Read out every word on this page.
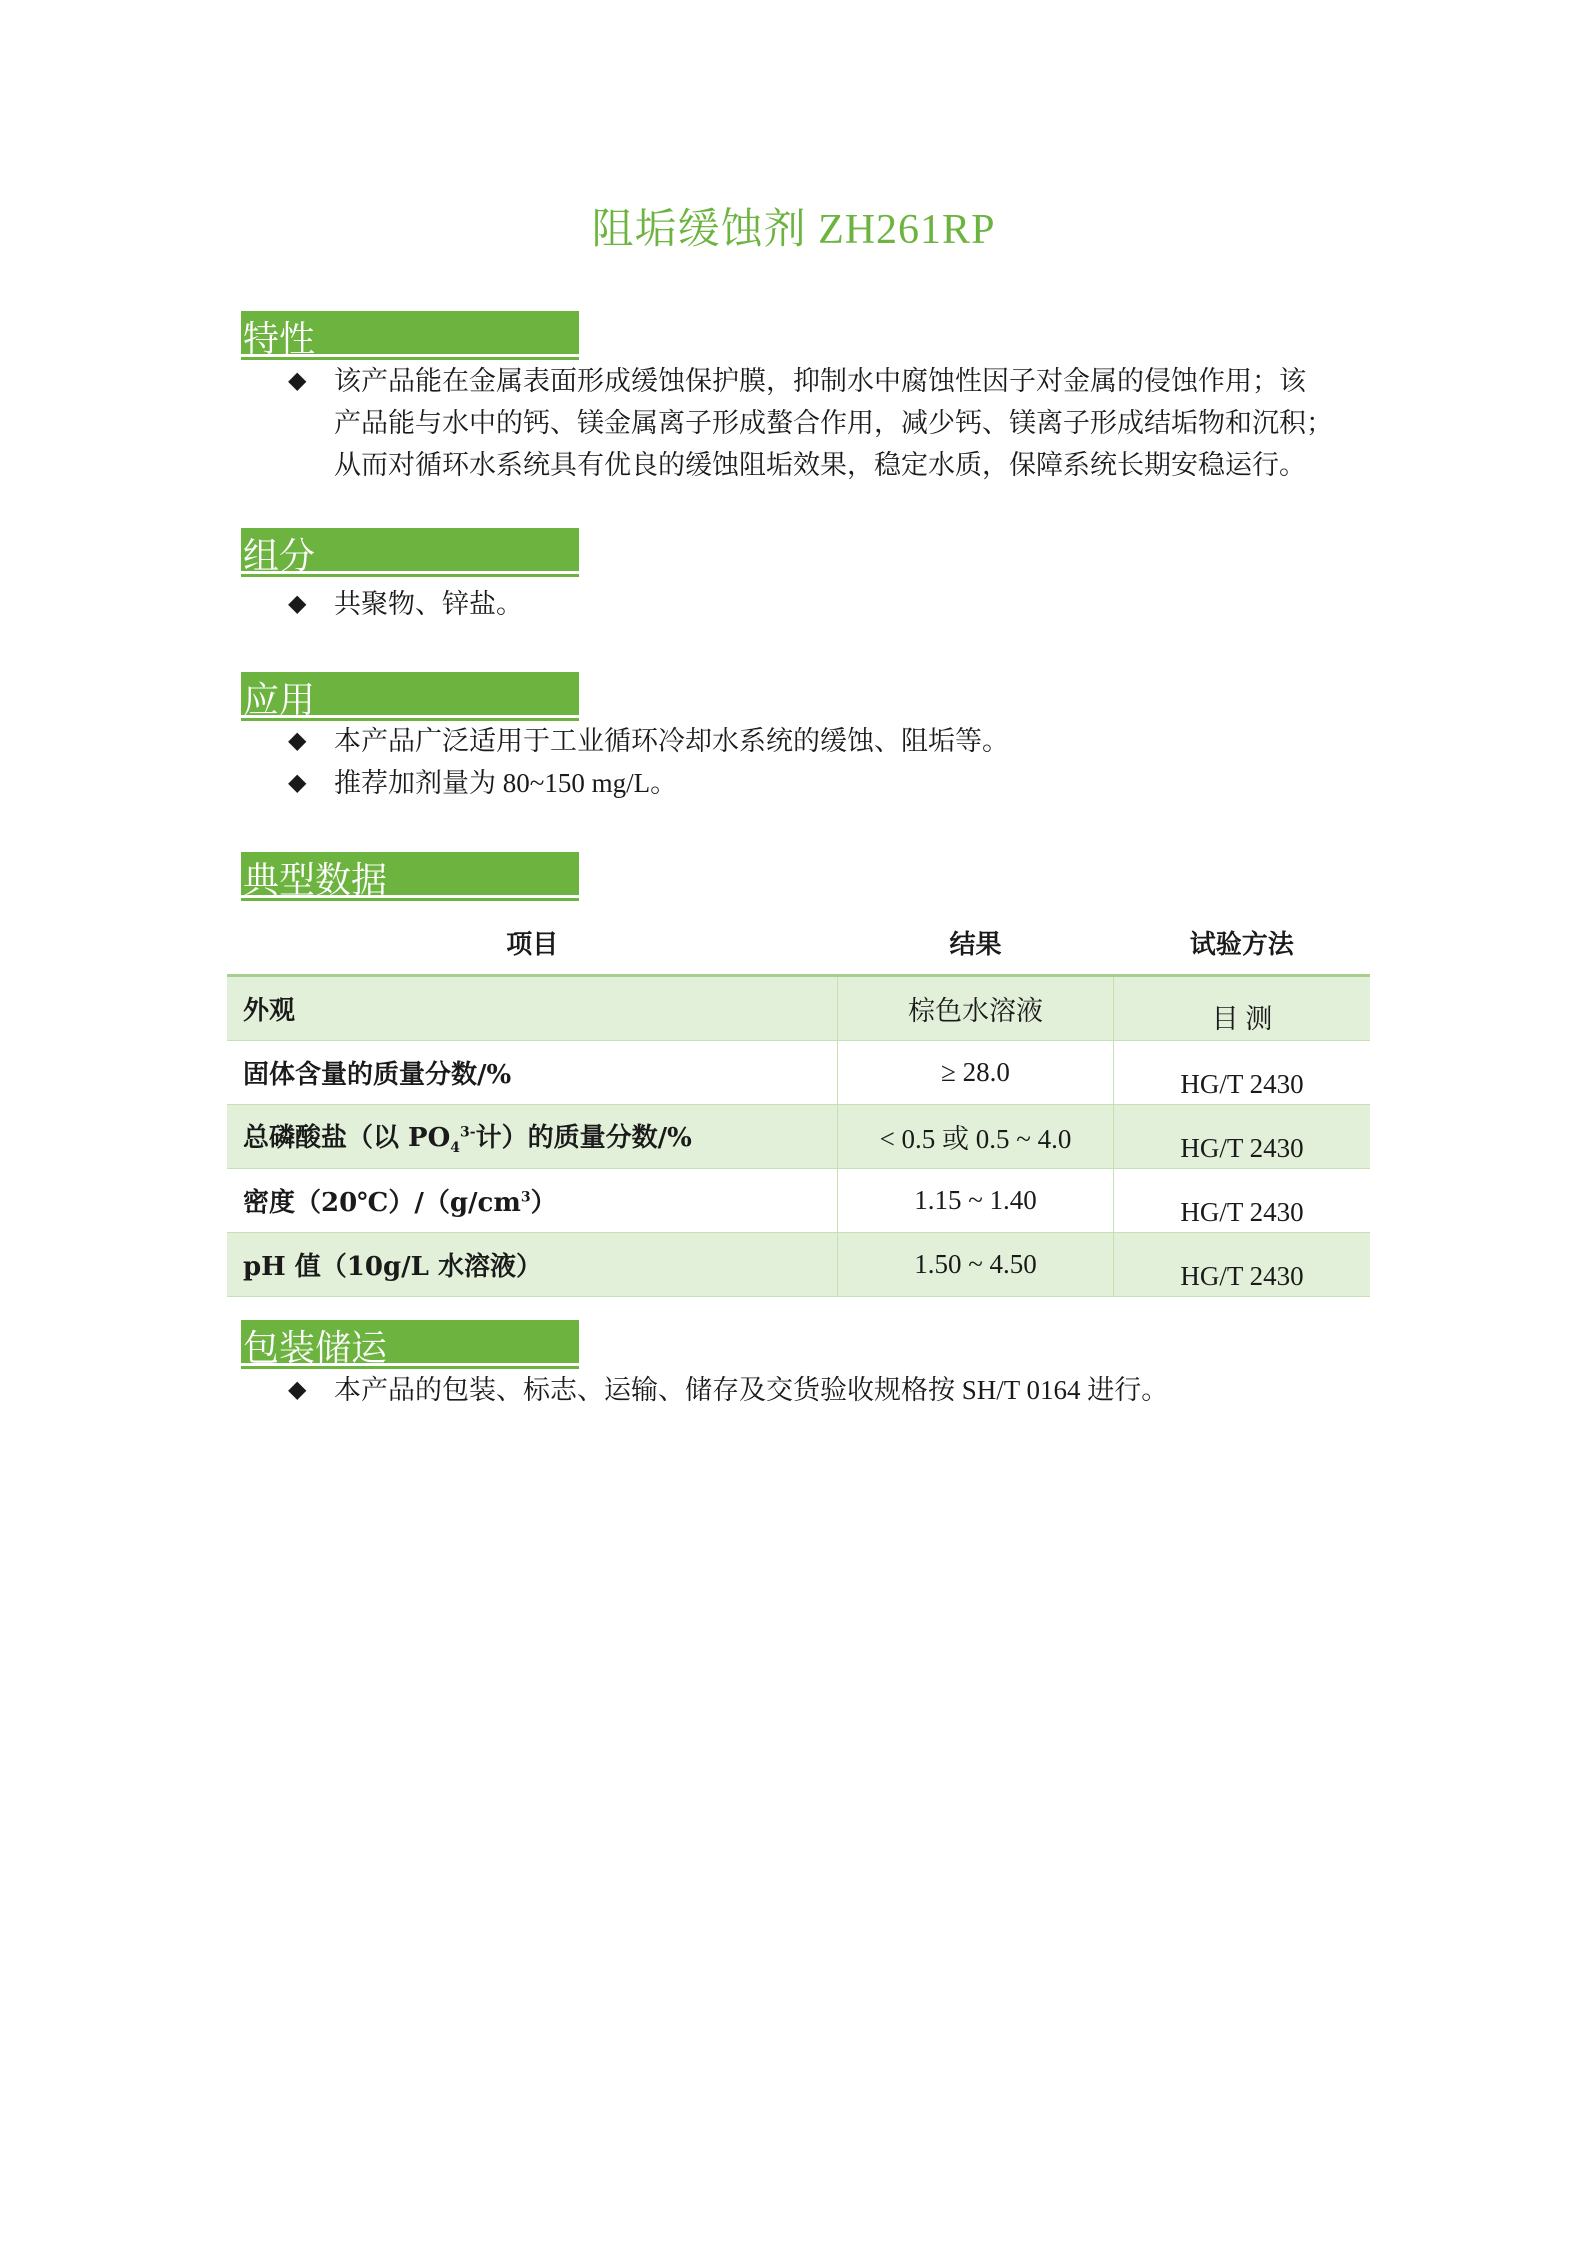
阻垢缓蚀剂 ZH261RP
特性
◆ 该产品能在金属表面形成缓蚀保护膜，抑制水中腐蚀性因子对金属的侵蚀作用；该
产品能与水中的钙、镁金属离子形成螯合作用，减少钙、镁离子形成结垢物和沉积；
从而对循环水系统具有优良的缓蚀阻垢效果，稳定水质，保障系统长期安稳运行。
组分
◆ 共聚物、锌盐。
应用
◆ 本产品广泛适用于工业循环冷却水系统的缓蚀、阻垢等。
◆ 推荐加剂量为 80~150 mg/L。
典型数据
项目	结果	试验方法
外观	棕色水溶液	目 测
固体含量的质量分数/%	≥ 28.0	HG/T 2430
总磷酸盐（以 $PO_4^{3-}$计）的质量分数/%	< 0.5 或 0.5 ~ 4.0	HG/T 2430
密度$(20℃)/(g/cm^3)$	1.15 ~ 1.40	HG/T 2430
pH 值（10g/L 水溶液）	1.50 ~ 4.50	HG/T 2430
包装储运
◆ 本产品的包装、标志、运输、储存及交货验收规格按 SH/T 0164 进行。
